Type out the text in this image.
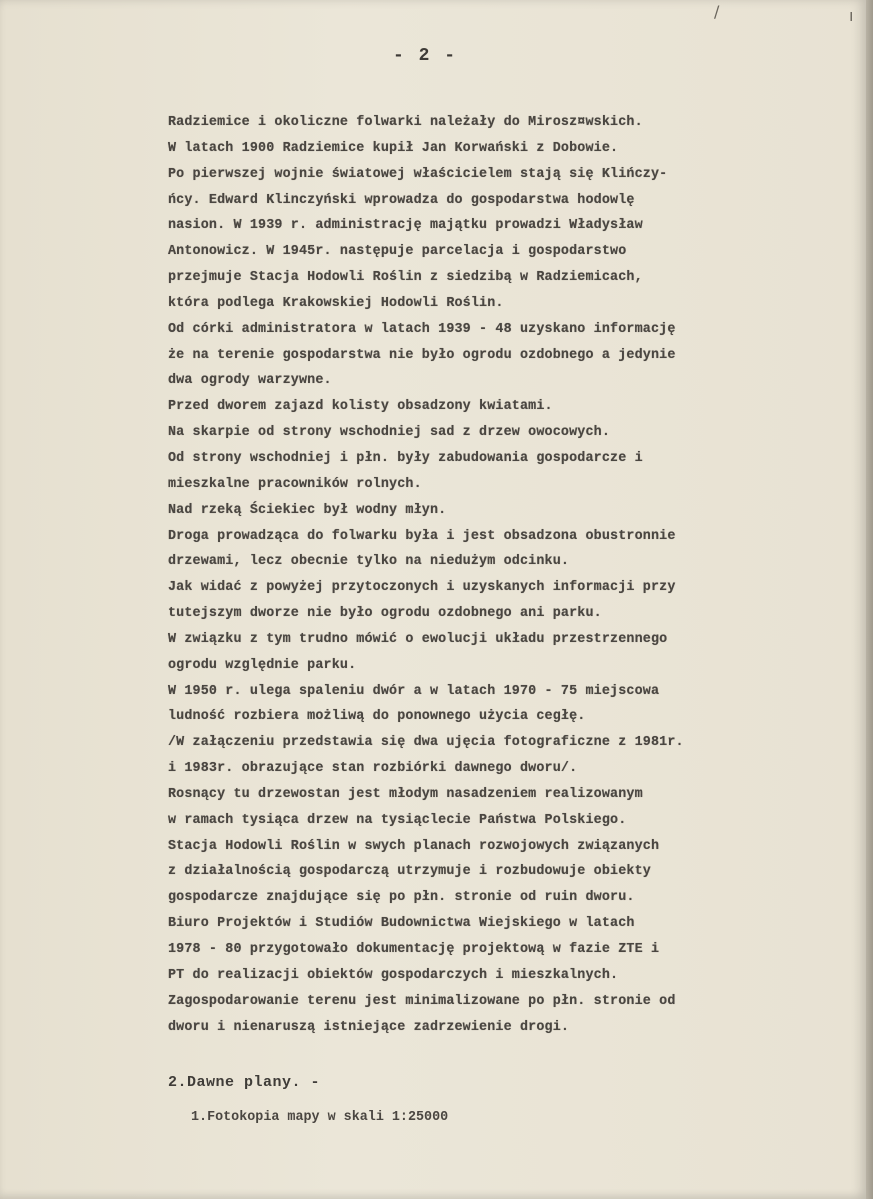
/	ı
- 2 -
Radziemice i okoliczne folwarki należały do Mirosz¤wskich.
W latach 1900 Radziemice kupił Jan Korwański z Dobowie.
Po pierwszej wojnie światowej właścicielem stają się Klińczy-
ńcy. Edward Klinczyński wprowadza do gospodarstwa hodowlę
nasion. W 1939 r. administrację majątku prowadzi Władysław
Antonowicz. W 1945r. następuje parcelacja i gospodarstwo
przejmuje Stacja Hodowli Roślin z siedzibą w Radziemicach,
która podlega Krakowskiej Hodowli Roślin.
Od córki administratora w latach 1939 - 48 uzyskano informację
że na terenie gospodarstwa nie było ogrodu ozdobnego a jedynie
dwa ogrody warzywne.
Przed dworem zajazd kolisty obsadzony kwiatami.
Na skarpie od strony wschodniej sad z drzew owocowych.
Od strony wschodniej i płn. były zabudowania gospodarcze i
mieszkalne pracowników rolnych.
Nad rzeką Ściekiec był wodny młyn.
Droga prowadząca do folwarku była i jest obsadzona obustronnie
drzewami, lecz obecnie tylko na niedużym odcinku.
Jak widać z powyżej przytoczonych i uzyskanych informacji przy
tutejszym dworze nie było ogrodu ozdobnego ani parku.
W związku z tym trudno mówić o ewolucji układu przestrzennego
ogrodu względnie parku.
W 1950 r. ulega spaleniu dwór a w latach 1970 - 75 miejscowa
ludność rozbiera możliwą do ponownego użycia cegłę.
/W załączeniu przedstawia się dwa ujęcia fotograficzne z 1981r.
i 1983r. obrazujące stan rozbiórki dawnego dworu/.
Rosnący tu drzewostan jest młodym nasadzeniem realizowanym
w ramach tysiąca drzew na tysiąclecie Państwa Polskiego.
Stacja Hodowli Roślin w swych planach rozwojowych związanych
z działalnością gospodarczą utrzymuje i rozbudowuje obiekty
gospodarcze znajdujące się po płn. stronie od ruin dworu.
Biuro Projektów i Studiów Budownictwa Wiejskiego w latach
1978 - 80 przygotowało dokumentację projektową w fazie ZTE i
PT do realizacji obiektów gospodarczych i mieszkalnych.
Zagospodarowanie terenu jest minimalizowane po płn. stronie od
dworu i nienaruszą istniejące zadrzewienie drogi.
2.Dawne plany. -
1.Fotokopia mapy w skali 1:25000
